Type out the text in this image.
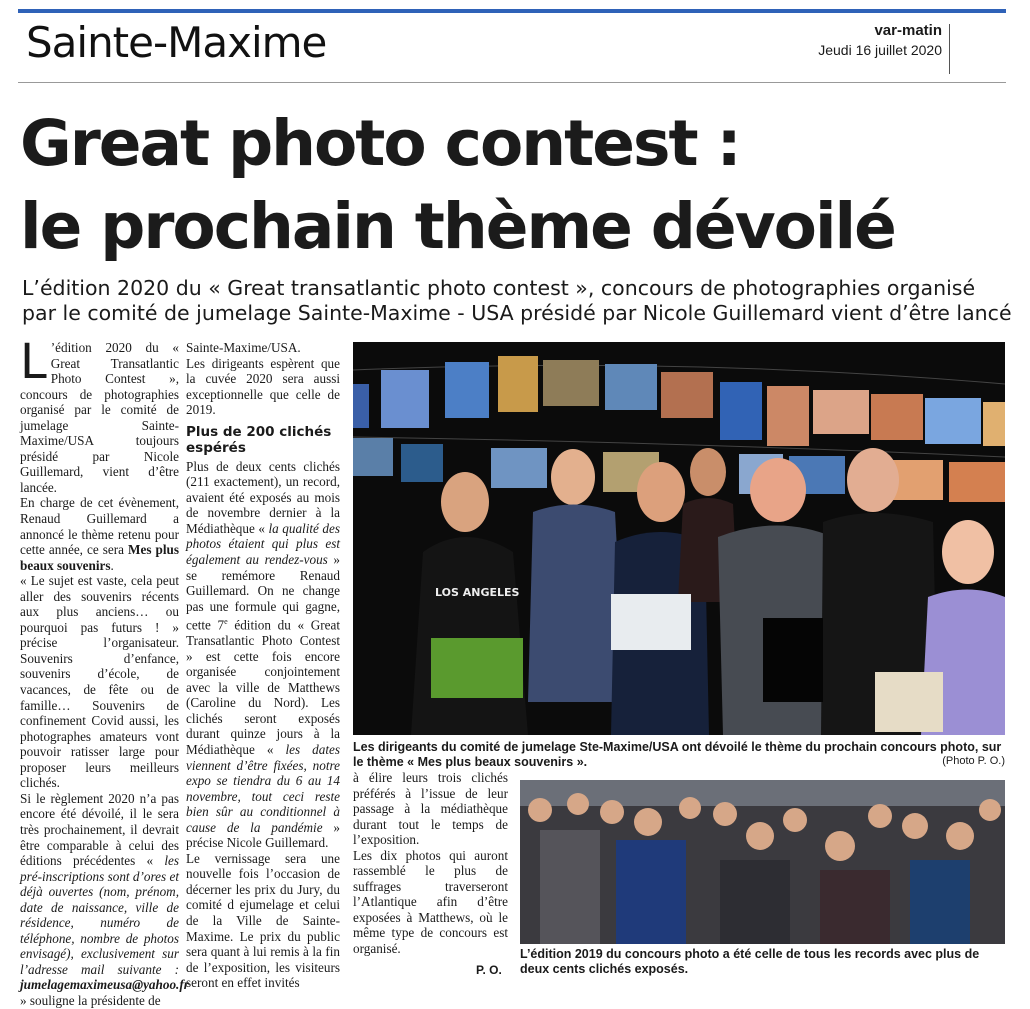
Sainte-Maxime	var-matin
Jeudi 16 juillet 2020
Great photo contest :
le prochain thème dévoilé
L’édition 2020 du « Great transatlantic photo contest », concours de photographies organisé
par le comité de jumelage Sainte-Maxime - USA présidé par Nicole Guillemard vient d’être lancé

L ’édition 2020 du « Great Transatlantic Photo Contest », concours de photographies organisé par le comité de jumelage Sainte-Maxime/USA toujours présidé par Nicole Guillemard, vient d’être lancée.

En charge de cet évènement, Renaud Guillemard a annoncé le thème retenu pour cette année, ce sera Mes plus beaux souvenirs.

« Le sujet est vaste, cela peut aller des souvenirs récents aux plus anciens… ou pourquoi pas futurs ! » précise l’organisateur. Souvenirs d’enfance, souvenirs d’école, de vacances, de fête ou de famille… Souvenirs de confinement Covid aussi, les photographes amateurs vont pouvoir ratisser large pour proposer leurs meilleurs clichés.

Si le règlement 2020 n’a pas encore été dévoilé, il le sera très prochainement, il devrait être comparable à celui des éditions précédentes « les pré-inscriptions sont d’ores et déjà ouvertes (nom, prénom, date de naissance, ville de résidence, numéro de téléphone, nombre de photos envisagé), exclusivement sur l’adresse mail suivante : jumelagemaximeusa@yahoo.fr » souligne la présidente de

Sainte-Maxime/USA.

Les dirigeants espèrent que la cuvée 2020 sera aussi exceptionnelle que celle de 2019.

Plus de 200 clichés espérés

Plus de deux cents clichés (211 exactement), un record, avaient été exposés au mois de novembre dernier à la Médiathèque « la qualité des photos étaient qui plus est également au rendez-vous » se remémore Renaud Guillemard. On ne change pas une formule qui gagne, cette 7e édition du « Great Transatlantic Photo Contest » est cette fois encore organisée conjointement avec la ville de Matthews (Caroline du Nord). Les clichés seront exposés durant quinze jours à la Médiathèque « les dates viennent d’être fixées, notre expo se tiendra du 6 au 14 novembre, tout ceci reste bien sûr au conditionnel à cause de la pandémie » précise Nicole Guillemard.

Le vernissage sera une nouvelle fois l’occasion de décerner les prix du Jury, du comité d ejumelage et celui de la Ville de Sainte-Maxime. Le prix du public sera quant à lui remis à la fin de l’exposition, les visiteurs seront en effet invités

à élire leurs trois clichés préférés à l’issue de leur passage à la médiathèque durant tout le temps de l’exposition.

Les dix photos qui auront rassemblé le plus de suffrages traverseront l’Atlantique afin d’être exposées à Matthews, où le même type de concours est organisé.

P. O.
LOS ANGELES
Les dirigeants du comité de jumelage Ste-Maxime/USA ont dévoilé le thème du prochain concours photo, sur le thème « Mes plus beaux souvenirs ».	(Photo P. O.)
L’édition 2019 du concours photo a été celle de tous les records avec plus de deux cents clichés exposés.
